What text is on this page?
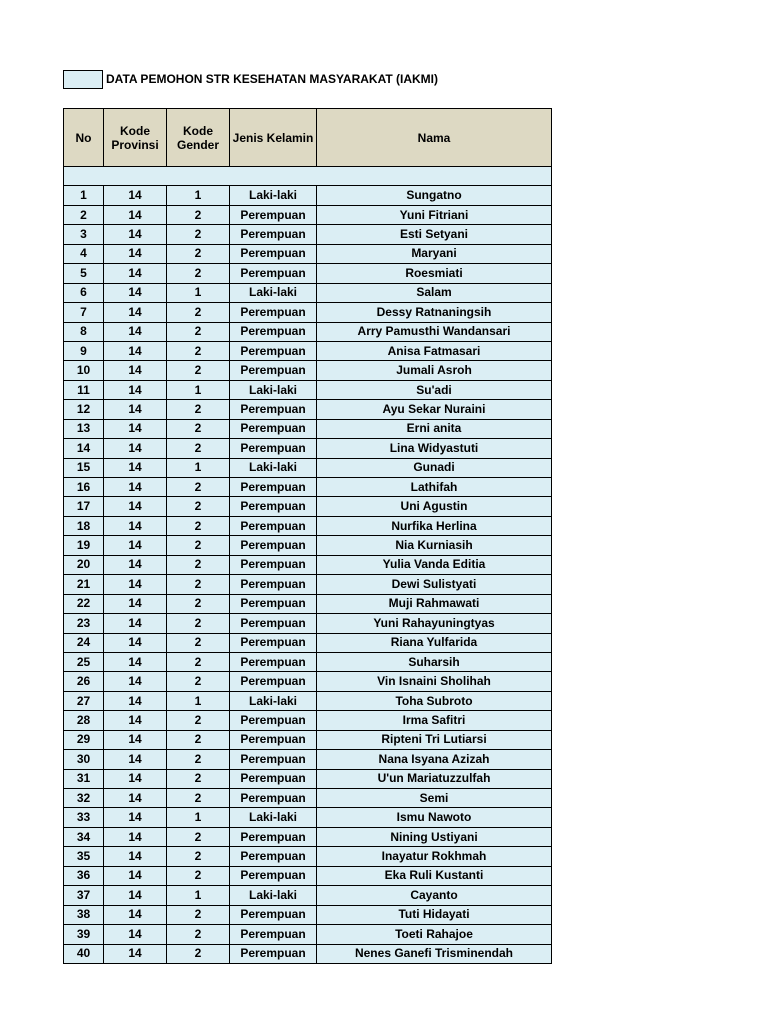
DATA PEMOHON STR KESEHATAN MASYARAKAT (IAKMI)
No	Kode Provinsi	Kode Gender	Jenis Kelamin	Nama

1	14	1	Laki-laki	Sungatno
2	14	2	Perempuan	Yuni Fitriani
3	14	2	Perempuan	Esti Setyani
4	14	2	Perempuan	Maryani
5	14	2	Perempuan	Roesmiati
6	14	1	Laki-laki	Salam
7	14	2	Perempuan	Dessy Ratnaningsih
8	14	2	Perempuan	Arry Pamusthi Wandansari
9	14	2	Perempuan	Anisa Fatmasari
10	14	2	Perempuan	Jumali Asroh
11	14	1	Laki-laki	Su'adi
12	14	2	Perempuan	Ayu Sekar Nuraini
13	14	2	Perempuan	Erni anita
14	14	2	Perempuan	Lina Widyastuti
15	14	1	Laki-laki	Gunadi
16	14	2	Perempuan	Lathifah
17	14	2	Perempuan	Uni Agustin
18	14	2	Perempuan	Nurfika Herlina
19	14	2	Perempuan	Nia Kurniasih
20	14	2	Perempuan	Yulia Vanda Editia
21	14	2	Perempuan	Dewi Sulistyati
22	14	2	Perempuan	Muji Rahmawati
23	14	2	Perempuan	Yuni Rahayuningtyas
24	14	2	Perempuan	Riana Yulfarida
25	14	2	Perempuan	Suharsih
26	14	2	Perempuan	Vin Isnaini Sholihah
27	14	1	Laki-laki	Toha Subroto
28	14	2	Perempuan	Irma Safitri
29	14	2	Perempuan	Ripteni Tri Lutiarsi
30	14	2	Perempuan	Nana Isyana Azizah
31	14	2	Perempuan	U'un Mariatuzzulfah
32	14	2	Perempuan	Semi
33	14	1	Laki-laki	Ismu Nawoto
34	14	2	Perempuan	Nining Ustiyani
35	14	2	Perempuan	Inayatur Rokhmah
36	14	2	Perempuan	Eka Ruli Kustanti
37	14	1	Laki-laki	Cayanto
38	14	2	Perempuan	Tuti Hidayati
39	14	2	Perempuan	Toeti Rahajoe
40	14	2	Perempuan	Nenes Ganefi Trisminendah
